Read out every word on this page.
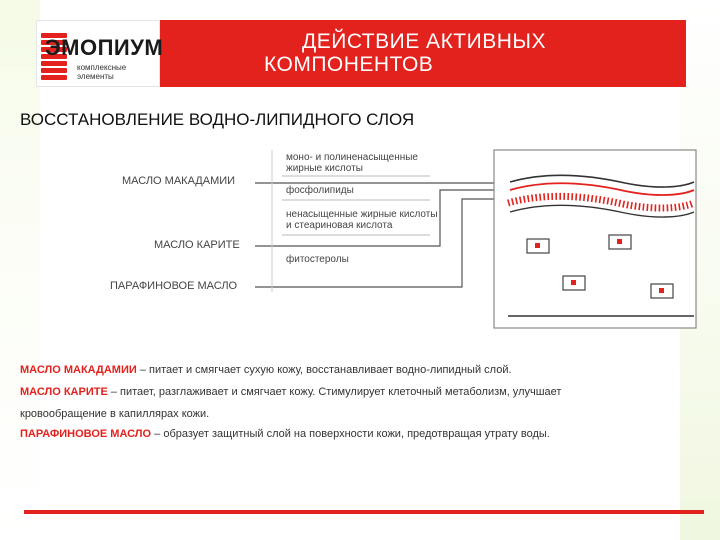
ЭМОПИУМ
комплексные
элементы
ДЕЙСТВИЕ АКТИВНЫХ
КОМПОНЕНТОВ
ВОССТАНОВЛЕНИЕ ВОДНО-ЛИПИДНОГО СЛОЯ
МАСЛО МАКАДАМИИ
МАСЛО КАРИТЕ
ПАРАФИНОВОЕ МАСЛО
моно- и полиненасыщенные
жирные кислоты
фосфолипиды
ненасыщенные жирные кислоты
и стеариновая кислота
фитостеролы

МАСЛО МАКАДАМИИ – питает и смягчает сухую кожу, восстанавливает водно-липидный слой.

МАСЛО КАРИТЕ – питает, разглаживает и смягчает кожу. Стимулирует клеточный метаболизм, улучшает

кровообращение в капиллярах кожи.

ПАРАФИНОВОЕ МАСЛО – образует защитный слой на поверхности кожи, предотвращая утрату воды.
